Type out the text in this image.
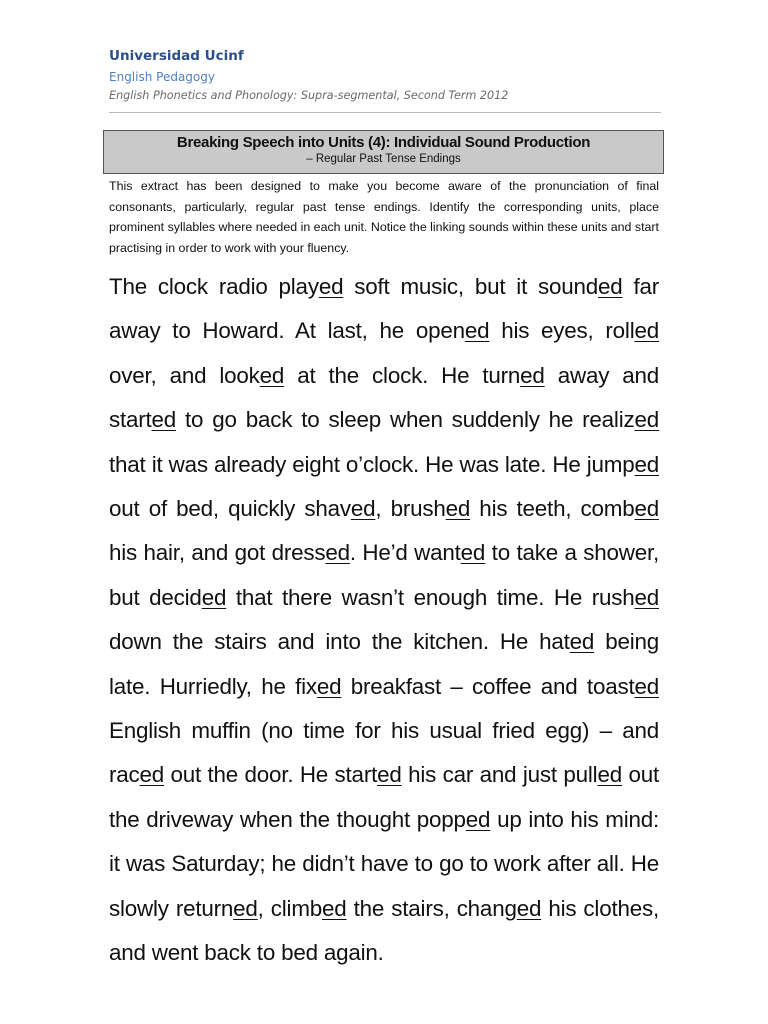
Universidad Ucinf
English Pedagogy
English Phonetics and Phonology: Supra-segmental, Second Term 2012
Breaking Speech into Units (4): Individual Sound Production
– Regular Past Tense Endings
This extract has been designed to make you become aware of the pronunciation of final consonants, particularly, regular past tense endings. Identify the corresponding units, place prominent syllables where needed in each unit. Notice the linking sounds within these units and start practising in order to work with your fluency.
The clock radio played soft music, but it sounded far away to Howard. At last, he opened his eyes, rolled over, and looked at the clock. He turned away and started to go back to sleep when suddenly he realized that it was already eight o’clock. He was late. He jumped out of bed, quickly shaved, brushed his teeth, combed his hair, and got dressed. He’d wanted to take a shower, but decided that there wasn’t enough time. He rushed down the stairs and into the kitchen. He hated being late. Hurriedly, he fixed breakfast – coffee and toasted English muffin (no time for his usual fried egg) – and raced out the door. He started his car and just pulled out the driveway when the thought popped up into his mind: it was Saturday; he didn’t have to go to work after all. He slowly returned, climbed the stairs, changed his clothes, and went back to bed again.
